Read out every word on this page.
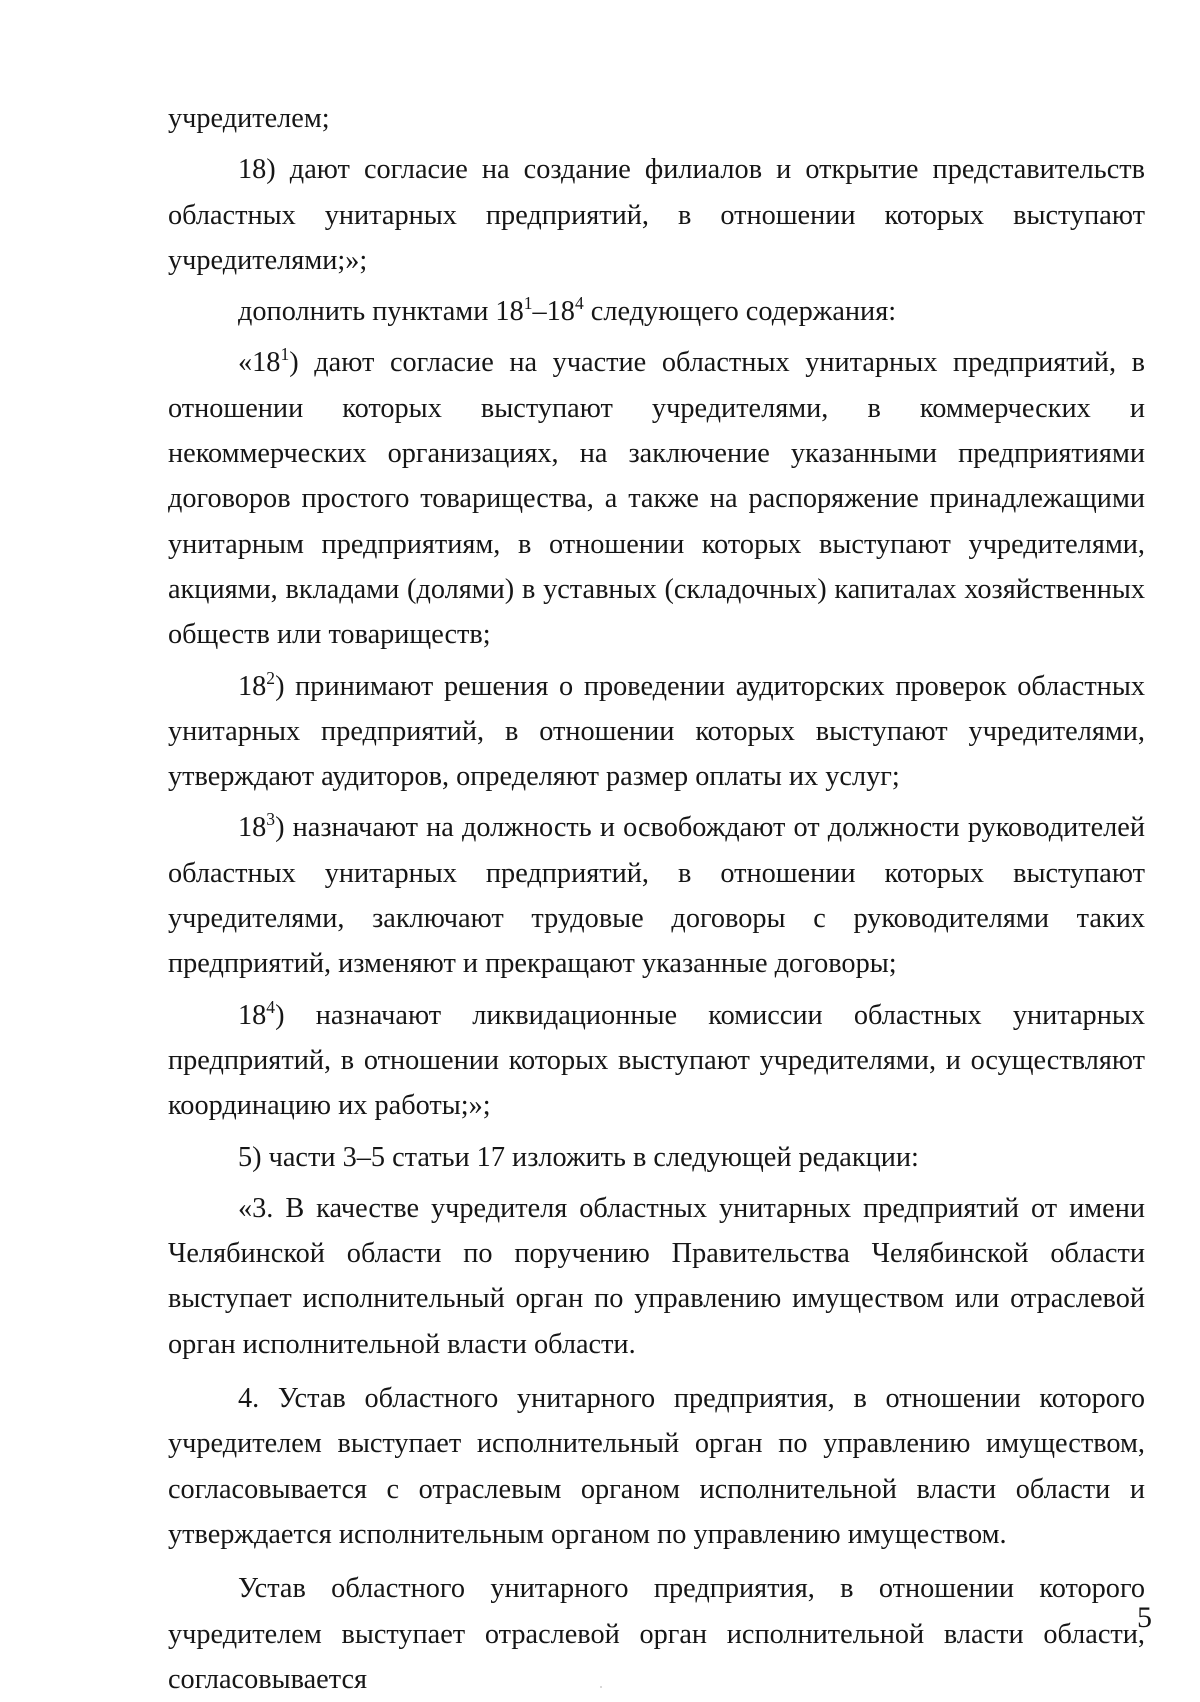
учредителем;

18) дают согласие на создание филиалов и открытие представительств областных унитарных предприятий, в отношении которых выступают учредителями;»;

дополнить пунктами $18^1-18^4$ следующего содержания:

«$18^1$) дают согласие на участие областных унитарных предприятий, в отношении которых выступают учредителями, в коммерческих и некоммерческих организациях, на заключение указанными предприятиями договоров простого товарищества, а также на распоряжение принадлежащими унитарным предприятиям, в отношении которых выступают учредителями, акциями, вкладами (долями) в уставных (складочных) капиталах хозяйственных обществ или товариществ;

$18^2$) принимают решения о проведении аудиторских проверок областных унитарных предприятий, в отношении которых выступают учредителями, утверждают аудиторов, определяют размер оплаты их услуг;

$18^3$) назначают на должность и освобождают от должности руководителей областных унитарных предприятий, в отношении которых выступают учредителями, заключают трудовые договоры с руководителями таких предприятий, изменяют и прекращают указанные договоры;

$18^4$) назначают ликвидационные комиссии областных унитарных предприятий, в отношении которых выступают учредителями, и осуществляют координацию их работы;»;

5) части 3–5 статьи 17 изложить в следующей редакции:

«3. В качестве учредителя областных унитарных предприятий от имени Челябинской области по поручению Правительства Челябинской области выступает исполнительный орган по управлению имуществом или отраслевой орган исполнительной власти области.

4. Устав областного унитарного предприятия, в отношении которого учредителем выступает исполнительный орган по управлению имуществом, согласовывается с отраслевым органом исполнительной власти области и утверждается исполнительным органом по управлению имуществом.

Устав областного унитарного предприятия, в отношении которого учредителем выступает отраслевой орган исполнительной власти области, согласовывается

5
